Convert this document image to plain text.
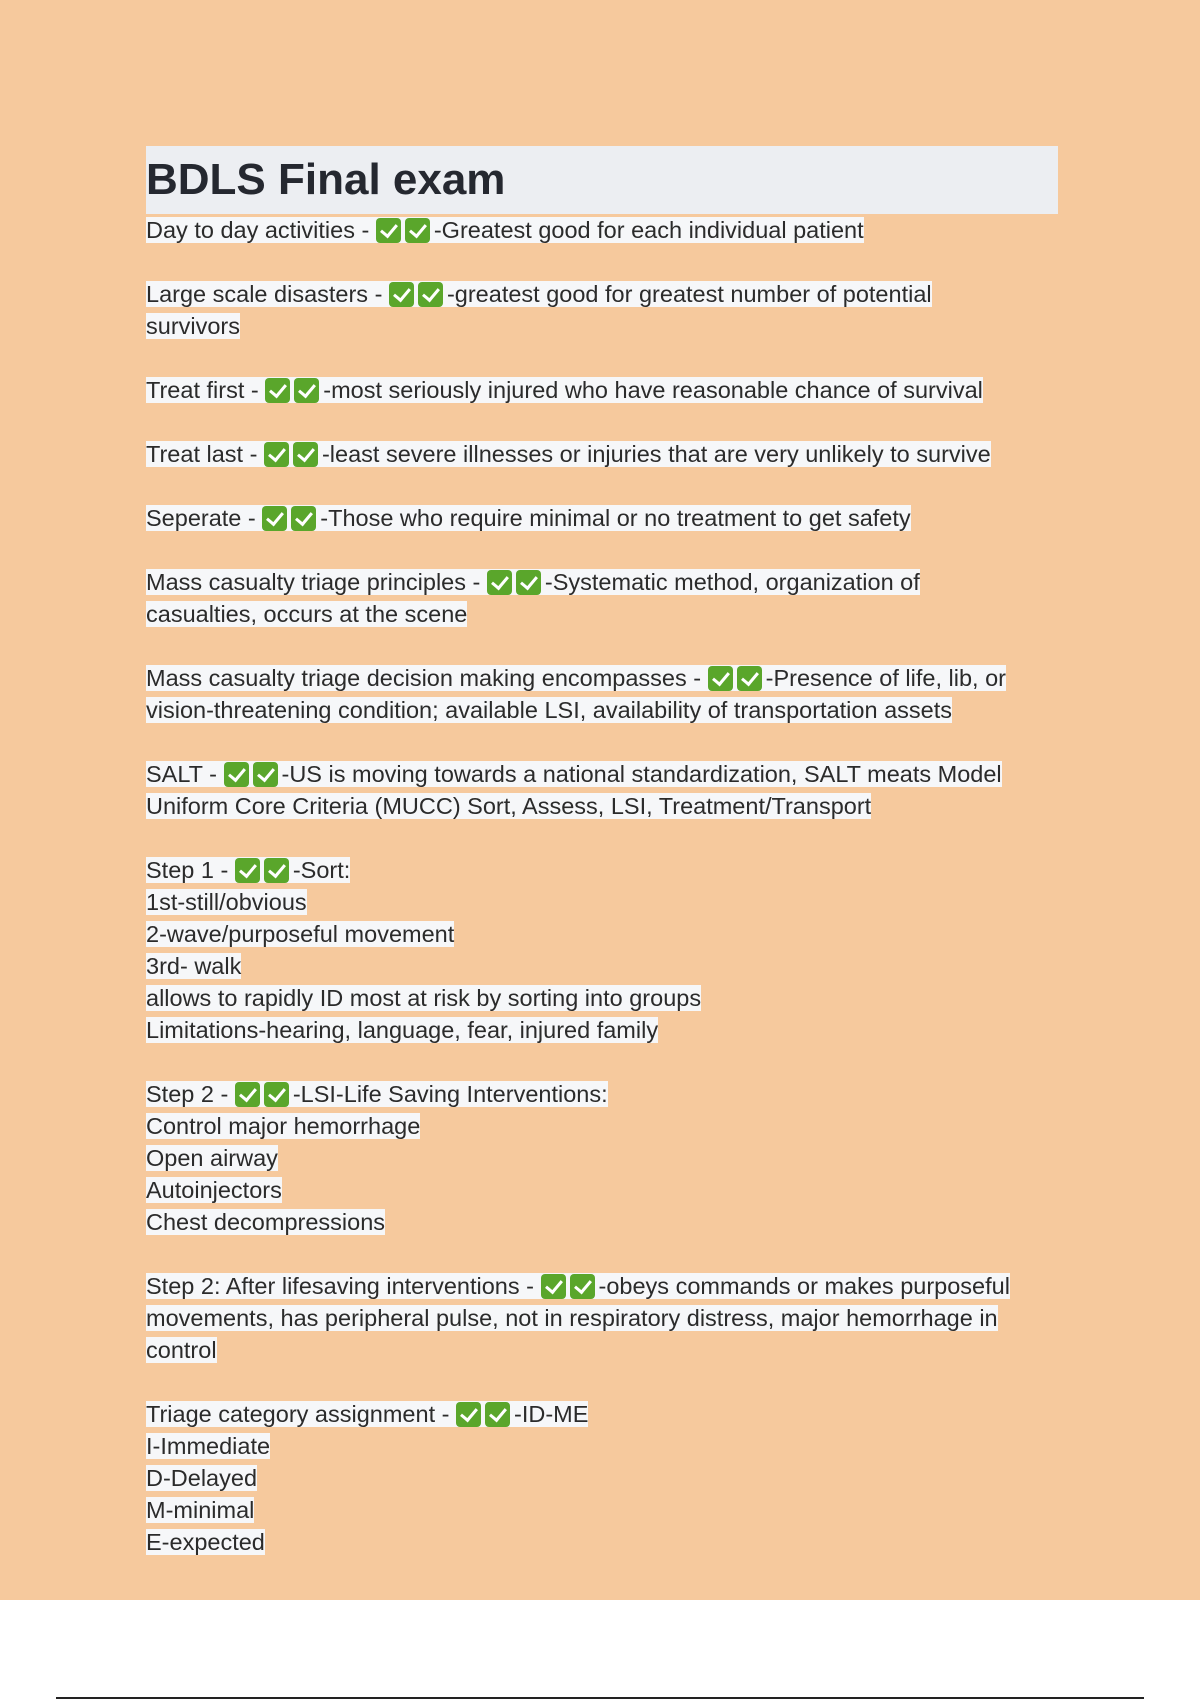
BDLS Final exam
Day to day activities - -Greatest good for each individual patient
Large scale disasters - -greatest good for greatest number of potential
survivors
Treat first - -most seriously injured who have reasonable chance of survival
Treat last - -least severe illnesses or injuries that are very unlikely to survive
Seperate - -Those who require minimal or no treatment to get safety
Mass casualty triage principles - -Systematic method, organization of
casualties, occurs at the scene
Mass casualty triage decision making encompasses - -Presence of life, lib, or
vision-threatening condition; available LSI, availability of transportation assets
SALT - -US is moving towards a national standardization, SALT meats Model
Uniform Core Criteria (MUCC) Sort, Assess, LSI, Treatment/Transport
Step 1 - -Sort:
1st-still/obvious
2-wave/purposeful movement
3rd- walk
allows to rapidly ID most at risk by sorting into groups
Limitations-hearing, language, fear, injured family
Step 2 - -LSI-Life Saving Interventions:
Control major hemorrhage
Open airway
Autoinjectors
Chest decompressions
Step 2: After lifesaving interventions - -obeys commands or makes purposeful
movements, has peripheral pulse, not in respiratory distress, major hemorrhage in
control
Triage category assignment - -ID-ME
I-Immediate
D-Delayed
M-minimal
E-expected
